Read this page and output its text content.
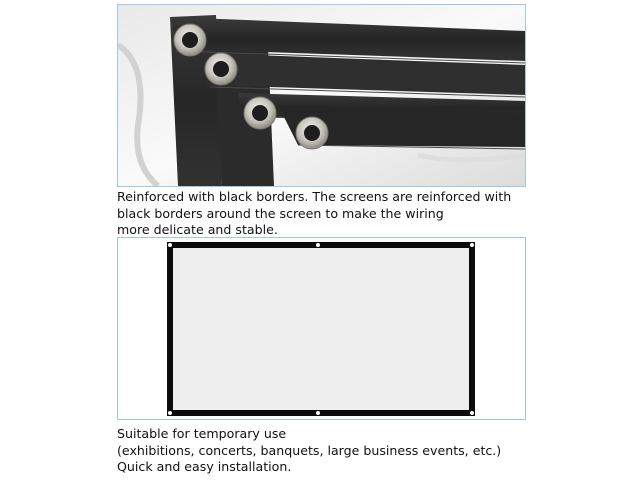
Reinforced with black borders. The screens are reinforced with
black borders around the screen to make the wiring
more delicate and stable.
Suitable for temporary use
(exhibitions, concerts, banquets, large business events, etc.)
Quick and easy installation.
